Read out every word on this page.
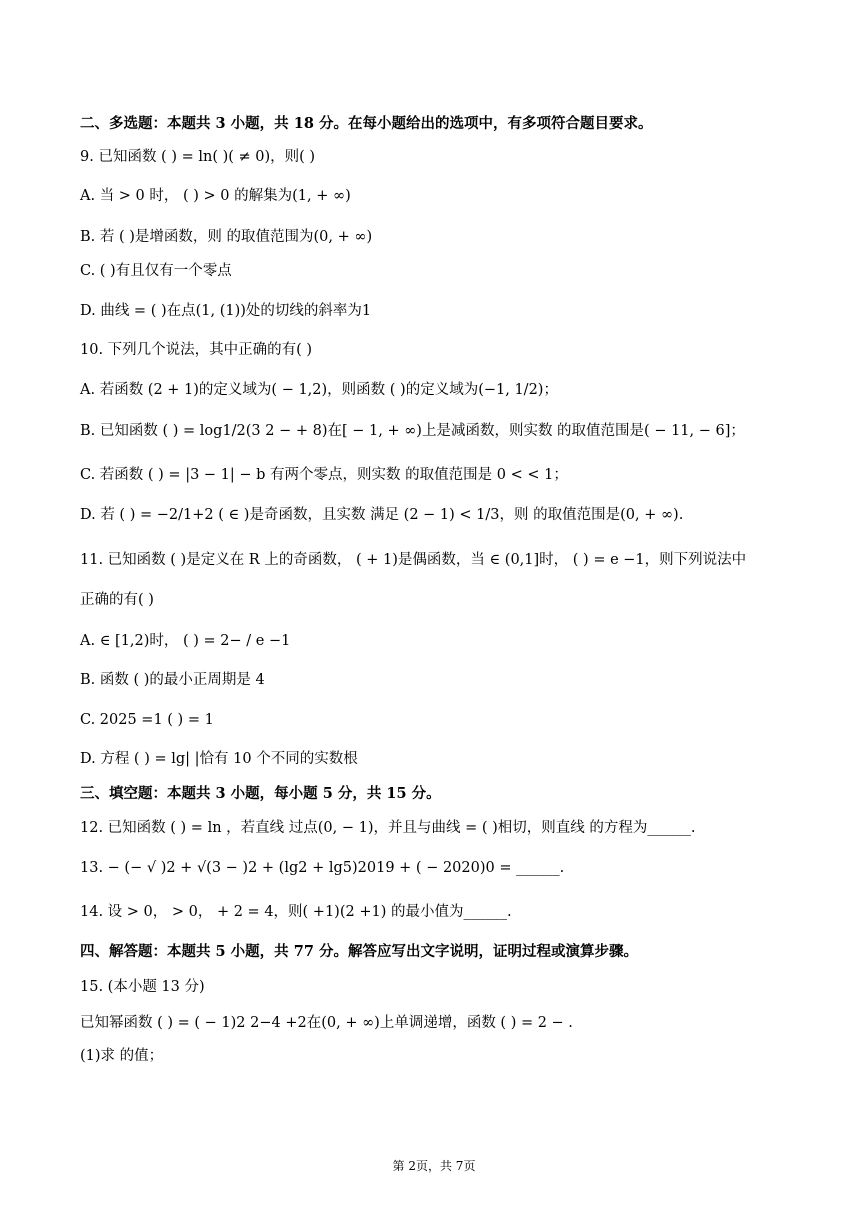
二、多选题：本题共 3 小题，共 18 分。在每小题给出的选项中，有多项符合题目要求。
9. 已知函数 ( ) = ln( )( ≠ 0)，则( )
A. 当 > 0 时， ( ) > 0 的解集为(1, + ∞)
B. 若 ( )是增函数，则 的取值范围为(0, + ∞)
C. ( )有且仅有一个零点
D. 曲线 = ( )在点(1, (1))处的切线的斜率为1
10. 下列几个说法，其中正确的有( )
A. 若函数 (2 + 1)的定义域为( − 1,2)，则函数 ( )的定义域为(−1, 1/2)；
B. 已知函数 ( ) = log1/2(3 2 − + 8)在[ − 1, + ∞)上是减函数，则实数 的取值范围是( − 11, − 6]；
C. 若函数 ( ) = |3 − 1| − b 有两个零点，则实数 的取值范围是 0 < < 1；
D. 若 ( ) = −2/1+2 ( ∈ )是奇函数，且实数 满足 (2 − 1) < 1/3，则 的取值范围是(0, + ∞).
11. 已知函数 ( )是定义在 R 上的奇函数， ( + 1)是偶函数，当 ∈ (0,1]时， ( ) = e −1，则下列说法中
正确的有( )
A. ∈ [1,2)时， ( ) = 2− / e −1
B. 函数 ( )的最小正周期是 4
C. 2025 =1 ( ) = 1
D. 方程 ( ) = lg| |恰有 10 个不同的实数根
三、填空题：本题共 3 小题，每小题 5 分，共 15 分。
12. 已知函数 ( ) = ln ，若直线 过点(0, − 1)，并且与曲线 = ( )相切，则直线 的方程为______.
13. − (− √ )2 + √(3 − )2 + (lg2 + lg5)2019 + ( − 2020)0 = ______.
14. 设 > 0， > 0， + 2 = 4，则( +1)(2 +1) 的最小值为______.
四、解答题：本题共 5 小题，共 77 分。解答应写出文字说明，证明过程或演算步骤。
15. (本小题 13 分)
已知幂函数 ( ) = ( − 1)2 2−4 +2在(0, + ∞)上单调递增，函数 ( ) = 2 − .
(1)求 的值；
第 2页，共 7页
